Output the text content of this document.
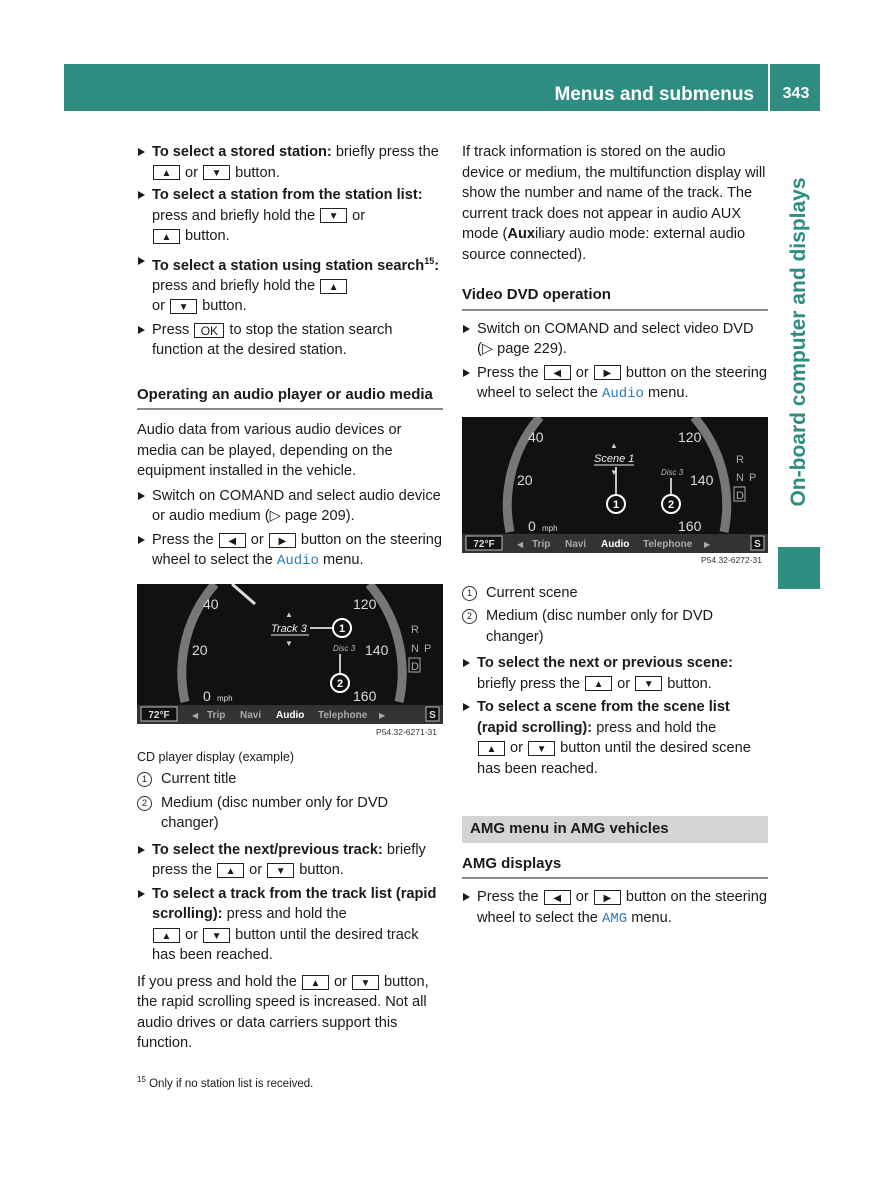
Menus and submenus	343
On-board computer and displays

To select a stored station: briefly press the ▲ or ▼ button.

To select a station from the station list: press and briefly hold the ▼ or
▲ button.

To select a station using station search$^{15}$: press and briefly hold the ▲
or ▼ button.

Press OK to stop the station search function at the desired station.

Operating an audio player or audio media

Audio data from various audio devices or media can be played, depending on the equipment installed in the vehicle.

Switch on COMAND and select audio device or audio medium (▷ page 209).

Press the ◀ or ▶ button on the steering wheel to select the Audio menu.

40	120
20	140
0 mph	160
▲
Track 3
▼
Disc 3
1
2
R
N P
D
72°F	◀ Trip Navi Audio Telephone ▶	S
P54.32-6271-31

CD player display (example)

1 Current title

2 Medium (disc number only for DVD changer)

To select the next/previous track: briefly press the ▲ or ▼ button.

To select a track from the track list (rapid scrolling): press and hold the
▲ or ▼ button until the desired track has been reached.

If you press and hold the ▲ or ▼ button, the rapid scrolling speed is increased. Not all audio drives or data carriers support this function.

If track information is stored on the audio device or medium, the multifunction display will show the number and name of the track. The current track does not appear in audio AUX mode (Auxiliary audio mode: external audio source connected).

Video DVD operation

Switch on COMAND and select video DVD (▷ page 229).

Press the ◀ or ▶ button on the steering wheel to select the Audio menu.

40	120
20	140
0 mph	160
▲
Scene 1
▼	Disc 3
1	2
R
N P
D
72°F	◀ Trip Navi Audio Telephone ▶	S
P54.32-6272-31

1 Current scene

2 Medium (disc number only for DVD changer)

To select the next or previous scene: briefly press the ▲ or ▼ button.

To select a scene from the scene list (rapid scrolling): press and hold the
▲ or ▼ button until the desired scene has been reached.

AMG menu in AMG vehicles

AMG displays

Press the ◀ or ▶ button on the steering wheel to select the AMG menu.

$^{15}$ Only if no station list is received.
